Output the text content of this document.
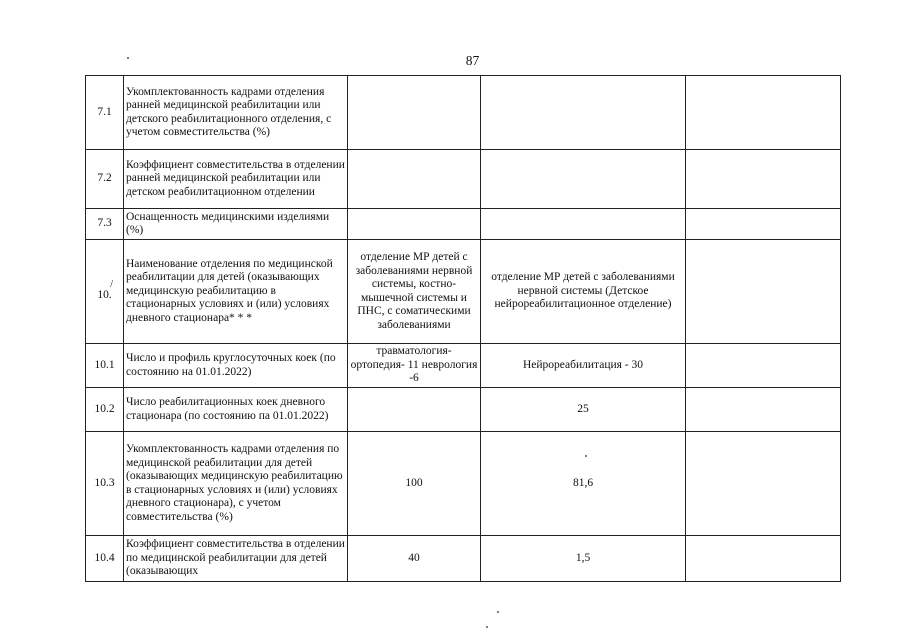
87
7.1	Укомплектованность кадрами отделения ранней медицинской реабилитации или детского реабилитационного отделения, с учетом совместительства (%)			
7.2	Коэффициент совместительства в отделении ранней медицинской реабилитации или детском реабилитационном отделении			
7.3	Оснащенность медицинскими изделиями (%)			

/
10.	Наименование отделения по медицинской реабилитации для детей (оказывающих медицинскую реабилитацию в стационарных условиях и (или) условиях дневного стационара* * *	отделение МР детей с заболеваниями нервной системы, костно-мышечной системы и ПНС, с соматическими заболеваниями	отделение МР детей с заболеваниями нервной системы (Детское нейрореабилитационное отделение)	
10.1	Число и профиль круглосуточных коек (по состоянию на 01.01.2022)	травматология-ортопедия- 11 неврология -6	Нейрореабилитация - 30	
10.2	Число реабилитационных коек дневного стационара (по состоянию па 01.01.2022)		25	
10.3	Укомплектованность кадрами отделения по медицинской реабилитации для детей (оказывающих медицинскую реабилитацию в стационарных условиях и (или) условиях дневного стационара), с учетом совместительства (%)	100	81,6	
10.4	Коэффициент совместительства в отделении по медицинской реабилитации для детей (оказывающих	40	1,5	
